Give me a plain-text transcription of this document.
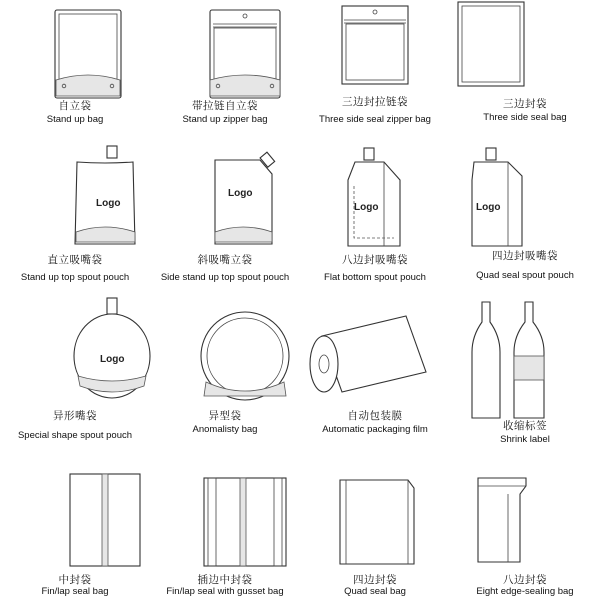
自立袋
Stand up bag
带拉链自立袋
Stand up zipper bag
三边封拉链袋
Three side seal zipper bag
三边封袋
Three side seal bag
Logo
直立吸嘴袋
Stand up top spout pouch
Logo
斜吸嘴立袋
Side stand up top spout pouch
Logo
八边封吸嘴袋
Flat bottom spout pouch
Logo
四边封吸嘴袋
Quad seal spout pouch
Logo
异形嘴袋
Special shape spout pouch
异型袋
Anomalisty bag
自动包装膜
Automatic packaging film	收缩标签
Shrink label
中封袋
Fin/lap seal bag
插边中封袋
Fin/lap seal with gusset bag
四边封袋
Quad seal bag
八边封袋
Eight edge-sealing bag
